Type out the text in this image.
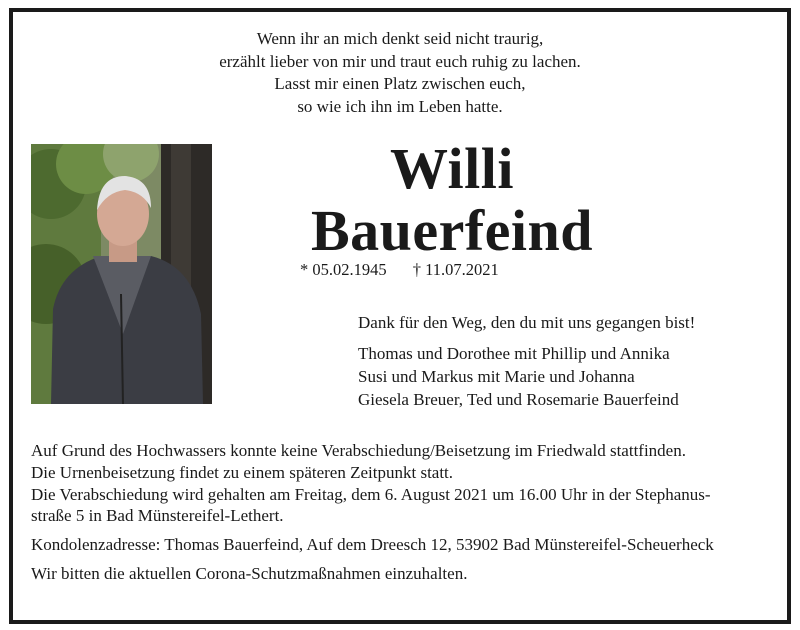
Wenn ihr an mich denkt seid nicht traurig,
erzählt lieber von mir und traut euch ruhig zu lachen.
Lasst mir einen Platz zwischen euch,
so wie ich ihn im Leben hatte.
Willi
Bauerfeind
* 05.02.1945 † 11.07.2021
Dank für den Weg, den du mit uns gegangen bist!
Thomas und Dorothee mit Phillip und Annika
Susi und Markus mit Marie und Johanna
Giesela Breuer, Ted und Rosemarie Bauerfeind
Auf Grund des Hochwassers konnte keine Verabschiedung/Beisetzung im Friedwald stattfinden.
Die Urnenbeisetzung findet zu einem späteren Zeitpunkt statt.
Die Verabschiedung wird gehalten am Freitag, dem 6. August 2021 um 16.00 Uhr in der Stephanus-
straße 5 in Bad Münstereifel-Lethert.
Kondolenzadresse: Thomas Bauerfeind, Auf dem Dreesch 12, 53902 Bad Münstereifel-Scheuerheck
Wir bitten die aktuellen Corona-Schutzmaßnahmen einzuhalten.
